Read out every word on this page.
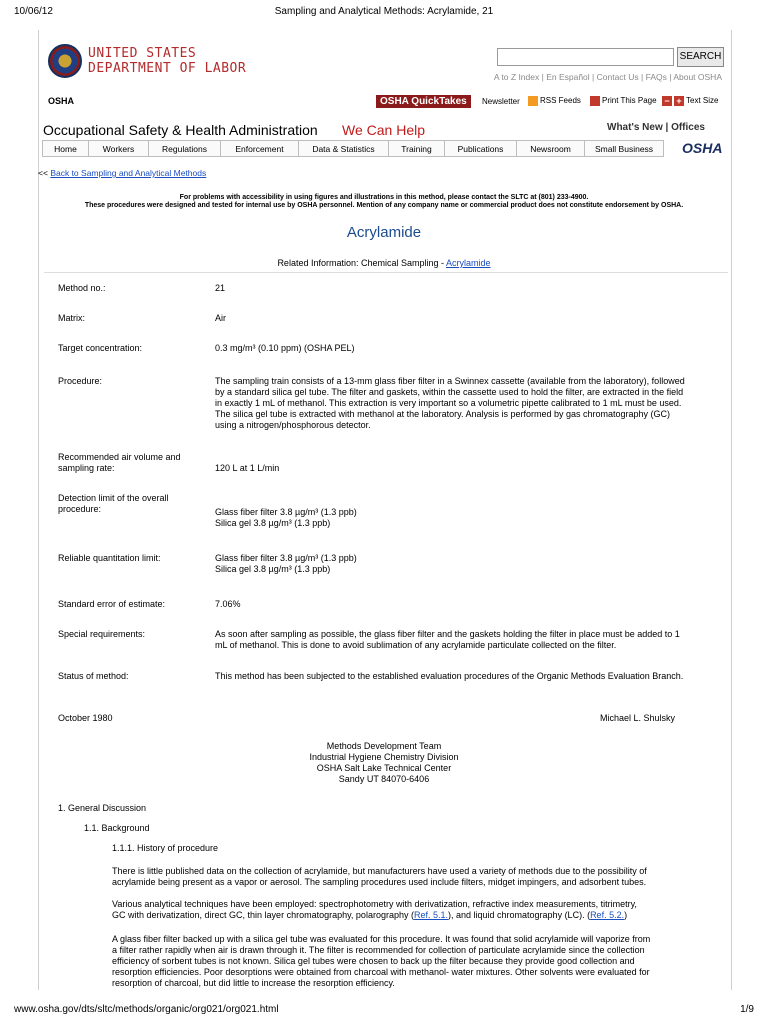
10/06/12	Sampling and Analytical Methods: Acrylamide, 21
UNITED STATES
DEPARTMENT OF LABOR
SEARCH
A to Z Index | En Español | Contact Us | FAQs | About OSHA
OSHA	OSHA QuickTakes	Newsletter	RSS Feeds	Print This Page − + Text Size
Occupational Safety & Health Administration We Can Help	What's New | Offices
Home	Workers	Regulations	Enforcement	Data & Statistics	Training	Publications	Newsroom	Small Business	OSHA
<< Back to Sampling and Analytical Methods
For problems with accessibility in using figures and illustrations in this method, please contact the SLTC at (801) 233-4900.
These procedures were designed and tested for internal use by OSHA personnel. Mention of any company name or commercial product does not constitute endorsement by OSHA.
Acrylamide
Related Information: Chemical Sampling - Acrylamide
Method no.:	21
Matrix:	Air
Target concentration:	0.3 mg/m³ (0.10 ppm) (OSHA PEL)
Procedure:	The sampling train consists of a 13-mm glass fiber filter in a Swinnex cassette (available from the laboratory), followed by a standard silica gel tube. The filter and gaskets, within the cassette used to hold the filter, are extracted in the field in exactly 1 mL of methanol. This extraction is very important so a volumetric pipette calibrated to 1 mL must be used. The silica gel tube is extracted with methanol at the laboratory. Analysis is performed by gas chromatography (GC) using a nitrogen/phosphorous detector.
Recommended air volume and sampling rate:	120 L at 1 L/min
Detection limit of the overall procedure:	Glass fiber filter 3.8 µg/m³ (1.3 ppb)
Silica gel 3.8 µg/m³ (1.3 ppb)
Reliable quantitation limit:	Glass fiber filter 3.8 µg/m³ (1.3 ppb)
Silica gel 3.8 µg/m³ (1.3 ppb)
Standard error of estimate:	7.06%
Special requirements:	As soon after sampling as possible, the glass fiber filter and the gaskets holding the filter in place must be added to 1 mL of methanol. This is done to avoid sublimation of any acrylamide particulate collected on the filter.
Status of method:	This method has been subjected to the established evaluation procedures of the Organic Methods Evaluation Branch.
October 1980	Michael L. Shulsky
Methods Development Team
Industrial Hygiene Chemistry Division
OSHA Salt Lake Technical Center
Sandy UT 84070-6406
1. General Discussion
1.1. Background
1.1.1. History of procedure
There is little published data on the collection of acrylamide, but manufacturers have used a variety of methods due to the possibility of acrylamide being present as a vapor or aerosol. The sampling procedures used include filters, midget impingers, and adsorbent tubes.
Various analytical techniques have been employed: spectrophotometry with derivatization, refractive index measurements, titrimetry, GC with derivatization, direct GC, thin layer chromatography, polarography (Ref. 5.1.), and liquid chromatography (LC). (Ref. 5.2.)
A glass fiber filter backed up with a silica gel tube was evaluated for this procedure. It was found that solid acrylamide will vaporize from a filter rather rapidly when air is drawn through it. The filter is recommended for collection of particulate acrylamide since the collection efficiency of sorbent tubes is not known. Silica gel tubes were chosen to back up the filter because they provide good collection and resorption efficiencies. Poor desorptions were obtained from charcoal with methanol- water mixtures. Other solvents were evaluated for resorption of charcoal, but did little to increase the resorption efficiency.
www.osha.gov/dts/sltc/methods/organic/org021/org021.html	1/9
